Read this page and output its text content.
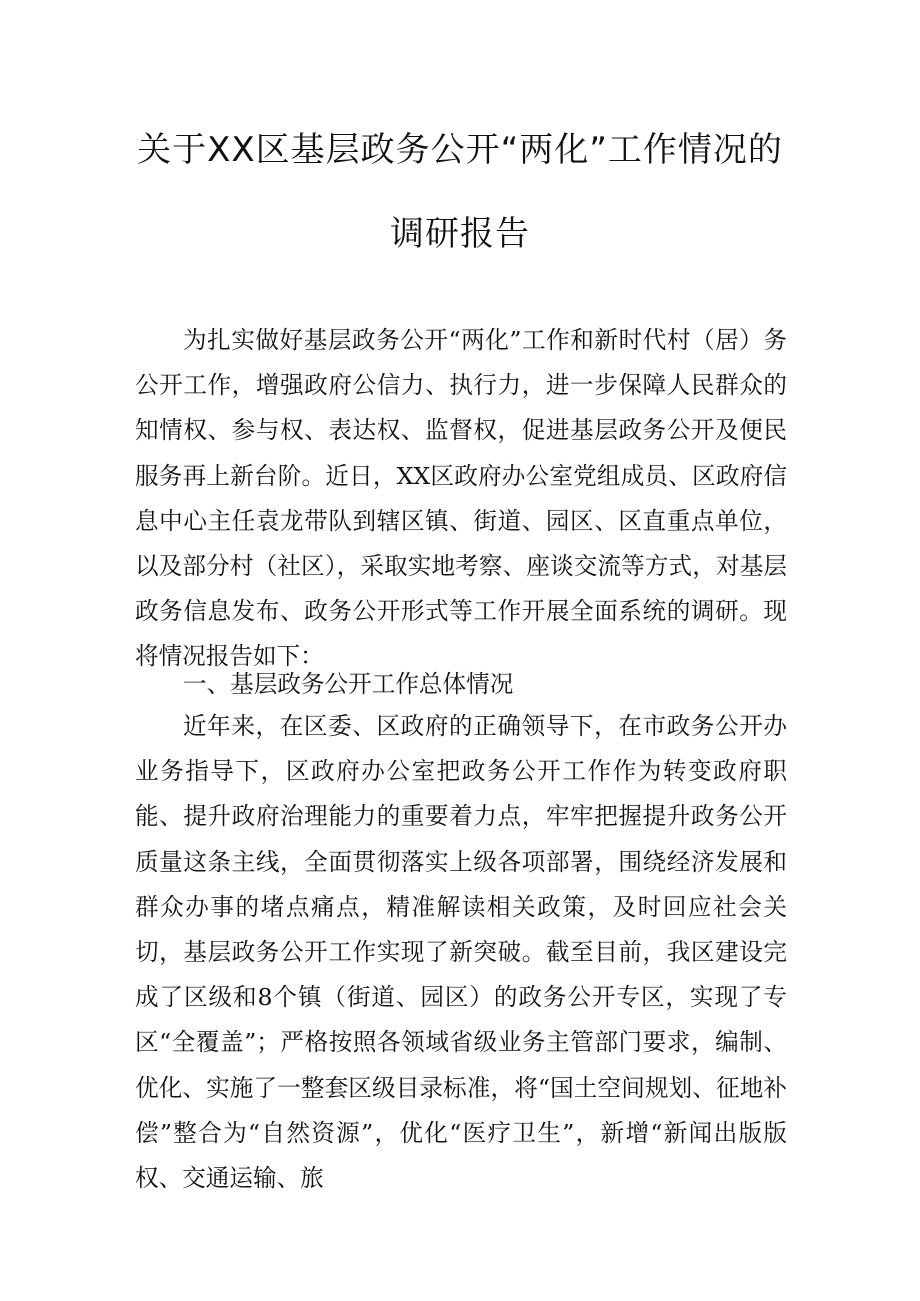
关于XX区基层政务公开“两化”工作情况的
调研报告

为扎实做好基层政务公开“两化”工作和新时代村（居）务公开工作，增强政府公信力、执行力，进一步保障人民群众的知情权、参与权、表达权、监督权，促进基层政务公开及便民服务再上新台阶。近日，XX区政府办公室党组成员、区政府信息中心主任袁龙带队到辖区镇、街道、园区、区直重点单位，以及部分村（社区），采取实地考察、座谈交流等方式，对基层政务信息发布、政务公开形式等工作开展全面系统的调研。现将情况报告如下：

一、基层政务公开工作总体情况

近年来，在区委、区政府的正确领导下，在市政务公开办业务指导下，区政府办公室把政务公开工作作为转变政府职能、提升政府治理能力的重要着力点，牢牢把握提升政务公开质量这条主线，全面贯彻落实上级各项部署，围绕经济发展和群众办事的堵点痛点，精准解读相关政策，及时回应社会关切，基层政务公开工作实现了新突破。截至目前，我区建设完成了区级和8个镇（街道、园区）的政务公开专区，实现了专区“全覆盖”；严格按照各领域省级业务主管部门要求，编制、优化、实施了一整套区级目录标准，将“国土空间规划、征地补偿”整合为“自然资源”，优化“医疗卫生”，新增“新闻出版版权、交通运输、旅
